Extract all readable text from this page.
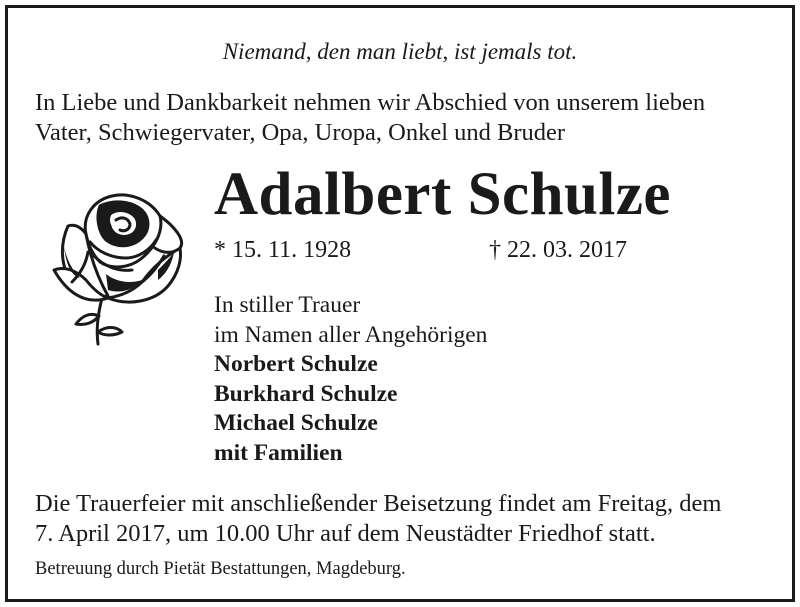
Niemand, den man liebt, ist jemals tot.
In Liebe und Dankbarkeit nehmen wir Abschied von unserem lieben
Vater, Schwiegervater, Opa, Uropa, Onkel und Bruder
Adalbert Schulze
* 15. 11. 1928	† 22. 03. 2017
In stiller Trauer
im Namen aller Angehörigen
Norbert Schulze
Burkhard Schulze
Michael Schulze
mit Familien
Die Trauerfeier mit anschließender Beisetzung findet am Freitag, dem
7. April 2017, um 10.00 Uhr auf dem Neustädter Friedhof statt.
Betreuung durch Pietät Bestattungen, Magdeburg.
